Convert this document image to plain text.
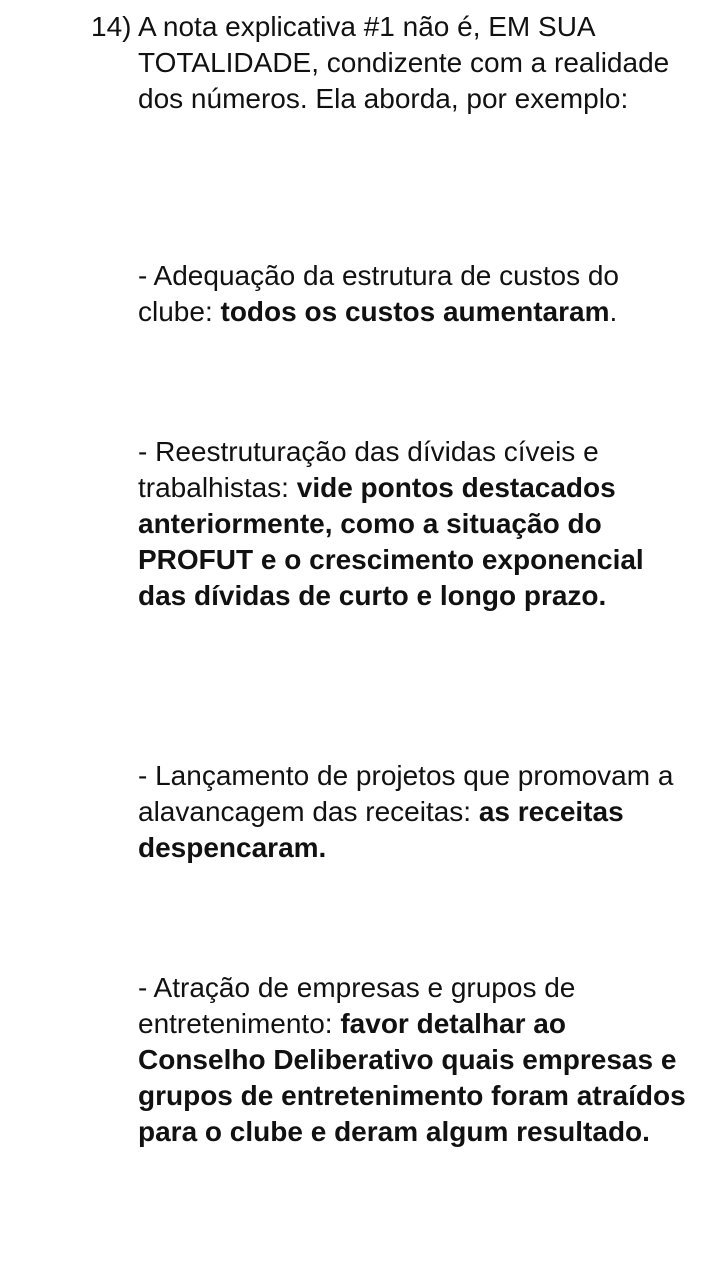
14) A nota explicativa #1 não é, EM SUA TOTALIDADE, condizente com a realidade dos números. Ela aborda, por exemplo:
- Adequação da estrutura de custos do clube: todos os custos aumentaram.
- Reestruturação das dívidas cíveis e trabalhistas: vide pontos destacados anteriormente, como a situação do PROFUT e o crescimento exponencial das dívidas de curto e longo prazo.
- Lançamento de projetos que promovam a alavancagem das receitas: as receitas despencaram.
- Atração de empresas e grupos de entretenimento: favor detalhar ao Conselho Deliberativo quais empresas e grupos de entretenimento foram atraídos para o clube e deram algum resultado.
